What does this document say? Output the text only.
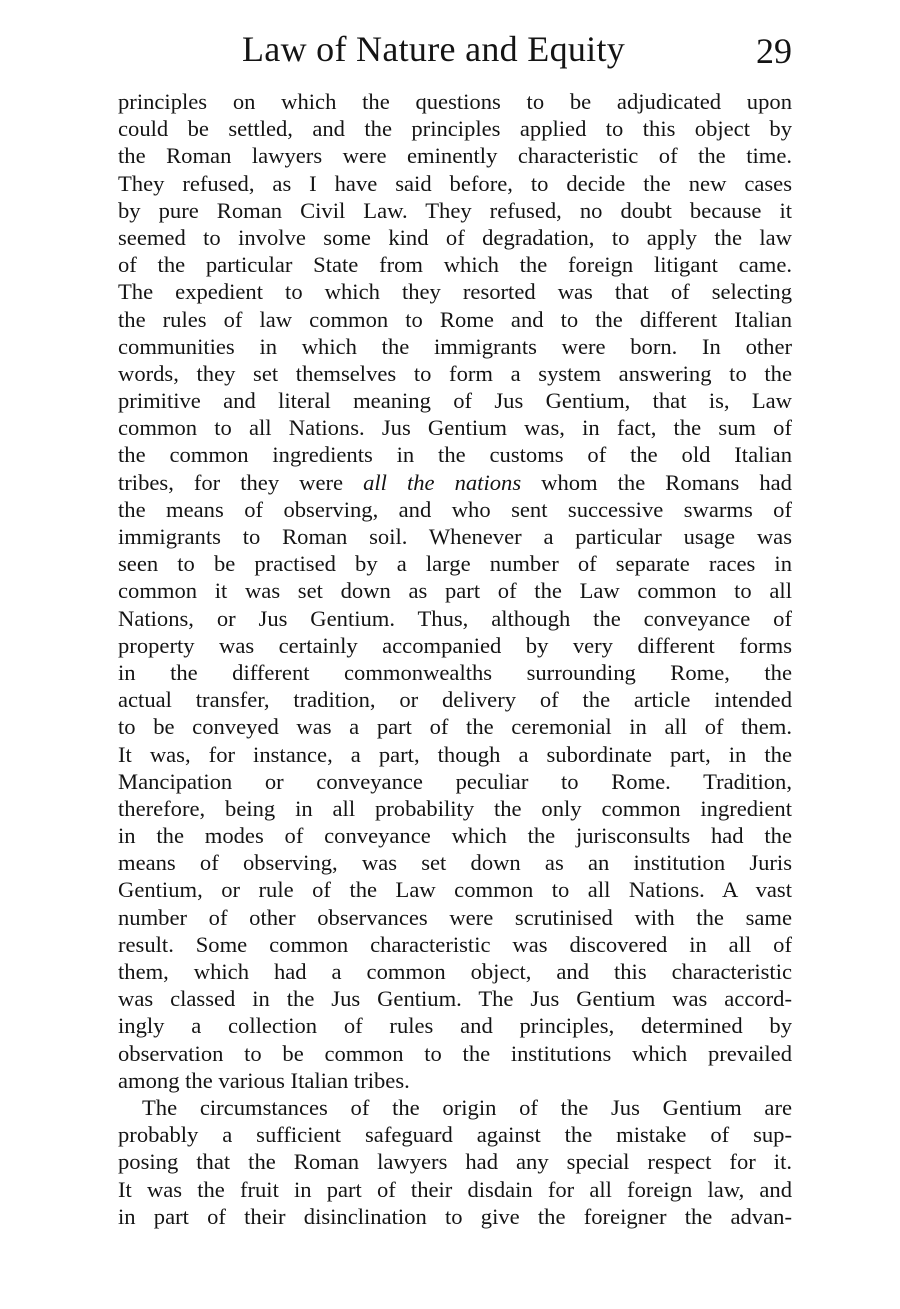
Law of Nature and Equity	29
principles on which the questions to be adjudicated upon
could be settled, and the principles applied to this object by
the Roman lawyers were eminently characteristic of the time.
They refused, as I have said before, to decide the new cases
by pure Roman Civil Law. They refused, no doubt because it
seemed to involve some kind of degradation, to apply the law
of the particular State from which the foreign litigant came.
The expedient to which they resorted was that of selecting
the rules of law common to Rome and to the different Italian
communities in which the immigrants were born. In other
words, they set themselves to form a system answering to the
primitive and literal meaning of Jus Gentium, that is, Law
common to all Nations. Jus Gentium was, in fact, the sum of
the common ingredients in the customs of the old Italian
tribes, for they were all the nations whom the Romans had
the means of observing, and who sent successive swarms of
immigrants to Roman soil. Whenever a particular usage was
seen to be practised by a large number of separate races in
common it was set down as part of the Law common to all
Nations, or Jus Gentium. Thus, although the conveyance of
property was certainly accompanied by very different forms
in the different commonwealths surrounding Rome, the
actual transfer, tradition, or delivery of the article intended
to be conveyed was a part of the ceremonial in all of them.
It was, for instance, a part, though a subordinate part, in the
Mancipation or conveyance peculiar to Rome. Tradition,
therefore, being in all probability the only common ingredient
in the modes of conveyance which the jurisconsults had the
means of observing, was set down as an institution Juris
Gentium, or rule of the Law common to all Nations. A vast
number of other observances were scrutinised with the same
result. Some common characteristic was discovered in all of
them, which had a common object, and this characteristic
was classed in the Jus Gentium. The Jus Gentium was accord-
ingly a collection of rules and principles, determined by
observation to be common to the institutions which prevailed
among the various Italian tribes.
The circumstances of the origin of the Jus Gentium are
probably a sufficient safeguard against the mistake of sup-
posing that the Roman lawyers had any special respect for it.
It was the fruit in part of their disdain for all foreign law, and
in part of their disinclination to give the foreigner the advan-
